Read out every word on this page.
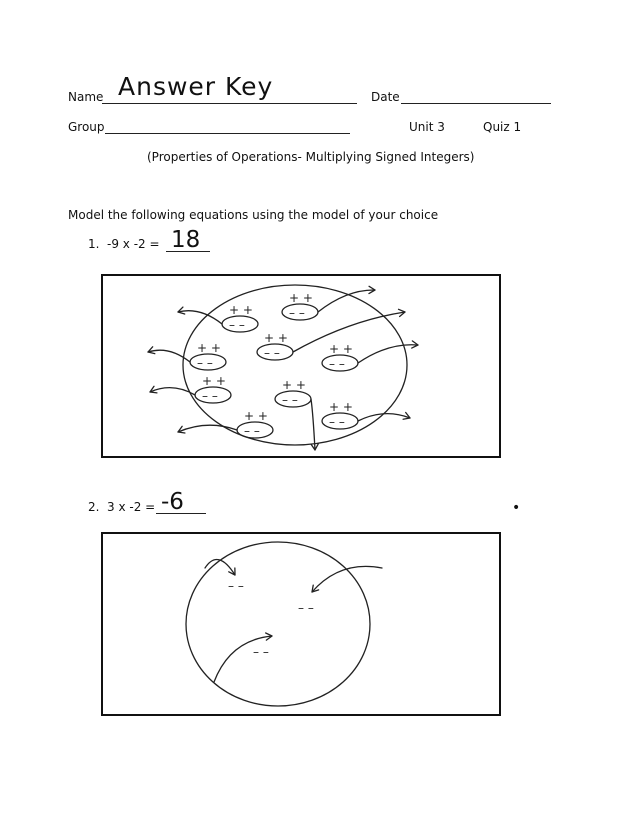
Name Answer Key	Date
Group	Unit 3	Quiz 1
(Properties of Operations- Multiplying Signed Integers)
Model the following equations using the model of your choice
1. -9 x -2 = 18
2. 3 x -2 = -6	•
+ +
– –
+ +
– –
+ +
– –
+ +
– –	+ +
– –
+ +
– –
+ +
– –	+ +
– –
+ +
– –
– –
– –
– –
